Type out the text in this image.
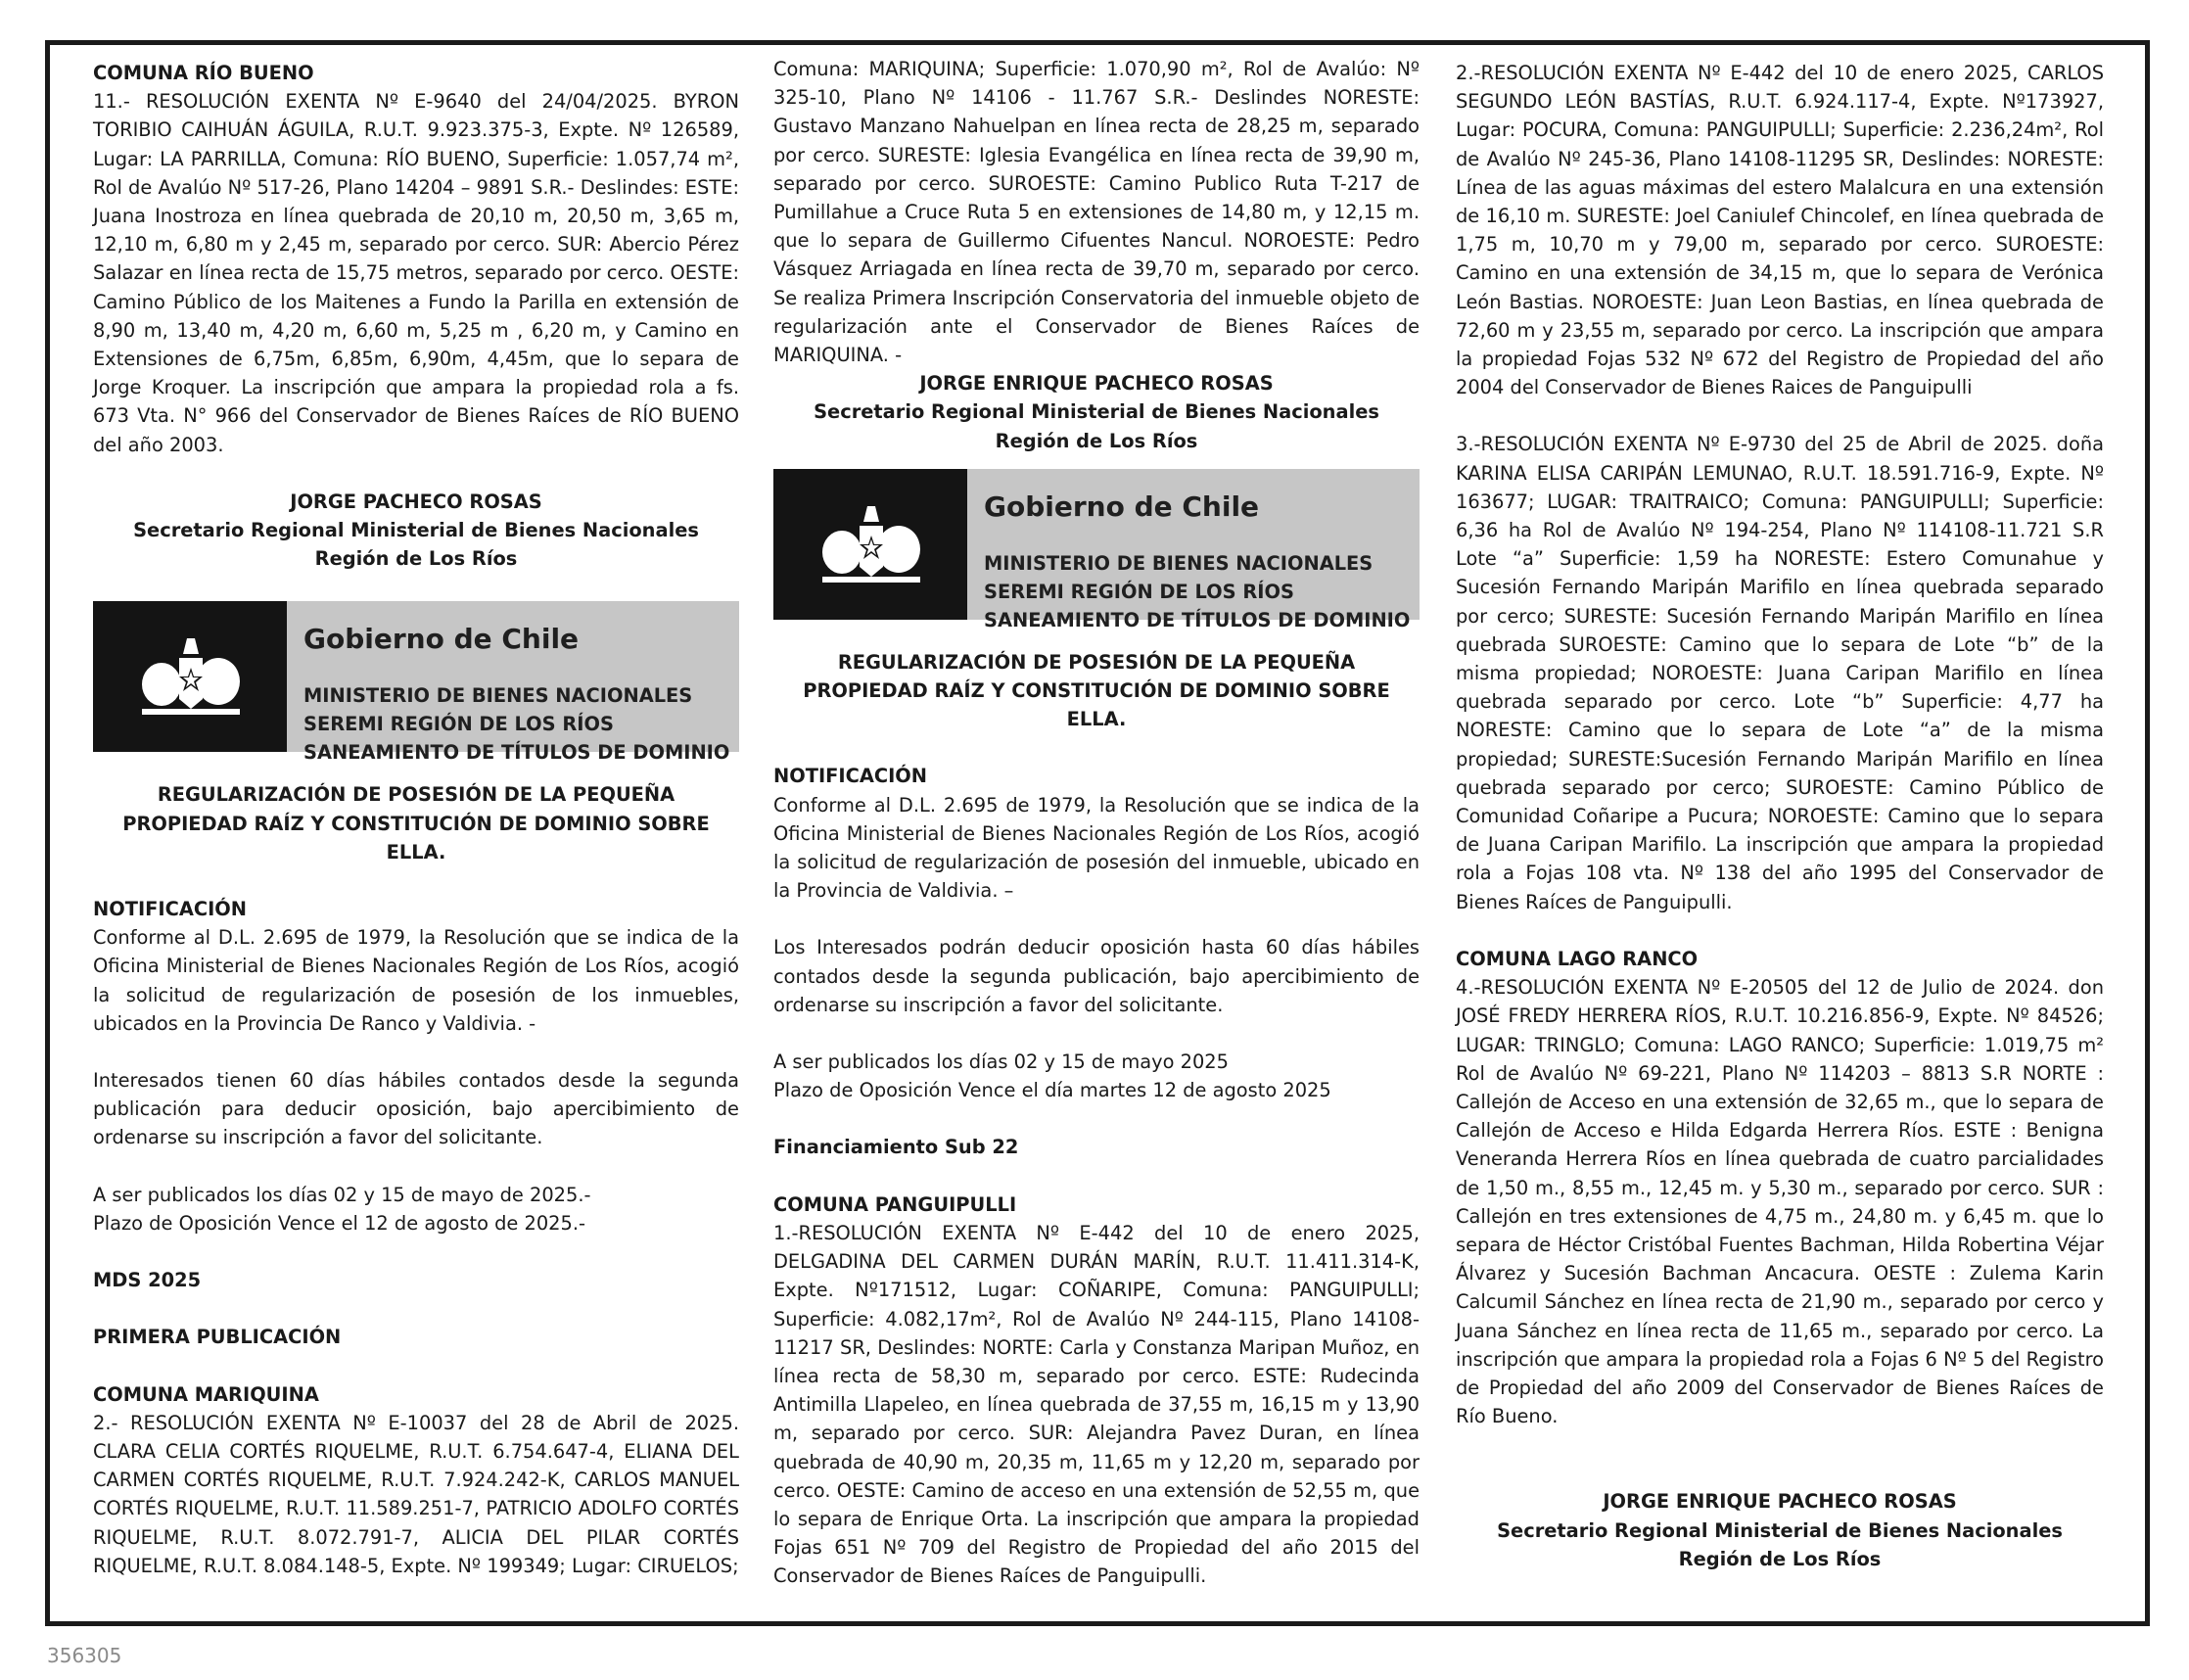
COMUNA RÍO BUENO

11.- RESOLUCIÓN EXENTA Nº E-9640 del 24/04/2025. BYRON TORIBIO CAIHUÁN ÁGUILA, R.U.T. 9.923.375-3, Expte. Nº 126589, Lugar: LA PARRILLA, Comuna: RÍO BUENO, Superficie: 1.057,74 m², Rol de Avalúo Nº 517-26, Plano 14204 – 9891 S.R.- Deslindes: ESTE: Juana Inostroza en línea quebrada de 20,10 m, 20,50 m, 3,65 m, 12,10 m, 6,80 m y 2,45 m, separado por cerco. SUR: Abercio Pérez Salazar en línea recta de 15,75 metros, separado por cerco. OESTE: Camino Público de los Maitenes a Fundo la Parilla en extensión de 8,90 m, 13,40 m, 4,20 m, 6,60 m, 5,25 m , 6,20 m, y Camino en Extensiones de 6,75m, 6,85m, 6,90m, 4,45m, que lo separa de Jorge Kroquer. La inscripción que ampara la propiedad rola a fs. 673 Vta. N° 966 del Conservador de Bienes Raíces de RÍO BUENO del año 2003.

JORGE PACHECO ROSAS
Secretario Regional Ministerial de Bienes Nacionales
Región de Los Ríos
Gobierno de Chile
MINISTERIO DE BIENES NACIONALES
SEREMI REGIÓN DE LOS RÍOS
SANEAMIENTO DE TÍTULOS DE DOMINIO
REGULARIZACIÓN DE POSESIÓN DE LA PEQUEÑA
PROPIEDAD RAÍZ Y CONSTITUCIÓN DE DOMINIO SOBRE ELLA.

NOTIFICACIÓN

Conforme al D.L. 2.695 de 1979, la Resolución que se indica de la Oficina Ministerial de Bienes Nacionales Región de Los Ríos, acogió la solicitud de regularización de posesión de los inmuebles, ubicados en la Provincia De Ranco y Valdivia. -

Interesados tienen 60 días hábiles contados desde la segunda publicación para deducir oposición, bajo apercibimiento de ordenarse su inscripción a favor del solicitante.

A ser publicados los días 02 y 15 de mayo de 2025.-

Plazo de Oposición Vence el 12 de agosto de 2025.-

MDS 2025

PRIMERA PUBLICACIÓN

COMUNA MARIQUINA

2.- RESOLUCIÓN EXENTA Nº E-10037 del 28 de Abril de 2025. CLARA CELIA CORTÉS RIQUELME, R.U.T. 6.754.647-4, ELIANA DEL CARMEN CORTÉS RIQUELME, R.U.T. 7.924.242-K, CARLOS MANUEL CORTÉS RIQUELME, R.U.T. 11.589.251-7, PATRICIO ADOLFO CORTÉS RIQUELME, R.U.T. 8.072.791-7, ALICIA DEL PILAR CORTÉS RIQUELME, R.U.T. 8.084.148-5, Expte. Nº 199349; Lugar: CIRUELOS;

Comuna: MARIQUINA; Superficie: 1.070,90 m², Rol de Avalúo: Nº 325-10, Plano Nº 14106 - 11.767 S.R.- Deslindes NORESTE: Gustavo Manzano Nahuelpan en línea recta de 28,25 m, separado por cerco. SURESTE: Iglesia Evangélica en línea recta de 39,90 m, separado por cerco. SUROESTE: Camino Publico Ruta T-217 de Pumillahue a Cruce Ruta 5 en extensiones de 14,80 m, y 12,15 m. que lo separa de Guillermo Cifuentes Nancul. NOROESTE: Pedro Vásquez Arriagada en línea recta de 39,70 m, separado por cerco. Se realiza Primera Inscripción Conservatoria del inmueble objeto de regularización ante el Conservador de Bienes Raíces de MARIQUINA. -

JORGE ENRIQUE PACHECO ROSAS
Secretario Regional Ministerial de Bienes Nacionales
Región de Los Ríos
Gobierno de Chile
MINISTERIO DE BIENES NACIONALES
SEREMI REGIÓN DE LOS RÍOS
SANEAMIENTO DE TÍTULOS DE DOMINIO
REGULARIZACIÓN DE POSESIÓN DE LA PEQUEÑA
PROPIEDAD RAÍZ Y CONSTITUCIÓN DE DOMINIO SOBRE ELLA.

NOTIFICACIÓN

Conforme al D.L. 2.695 de 1979, la Resolución que se indica de la Oficina Ministerial de Bienes Nacionales Región de Los Ríos, acogió la solicitud de regularización de posesión del inmueble, ubicado en la Provincia de Valdivia. –

Los Interesados podrán deducir oposición hasta 60 días hábiles contados desde la segunda publicación, bajo apercibimiento de ordenarse su inscripción a favor del solicitante.

A ser publicados los días 02 y 15 de mayo 2025

Plazo de Oposición Vence el día martes 12 de agosto 2025

Financiamiento Sub 22

COMUNA PANGUIPULLI

1.-RESOLUCIÓN EXENTA Nº E-442 del 10 de enero 2025, DELGADINA DEL CARMEN DURÁN MARÍN, R.U.T. 11.411.314-K, Expte. Nº171512, Lugar: COÑARIPE, Comuna: PANGUIPULLI; Superficie: 4.082,17m², Rol de Avalúo Nº 244-115, Plano 14108-11217 SR, Deslindes: NORTE: Carla y Constanza Maripan Muñoz, en línea recta de 58,30 m, separado por cerco. ESTE: Rudecinda Antimilla Llapeleo, en línea quebrada de 37,55 m, 16,15 m y 13,90 m, separado por cerco. SUR: Alejandra Pavez Duran, en línea quebrada de 40,90 m, 20,35 m, 11,65 m y 12,20 m, separado por cerco. OESTE: Camino de acceso en una extensión de 52,55 m, que lo separa de Enrique Orta. La inscripción que ampara la propiedad Fojas 651 Nº 709 del Registro de Propiedad del año 2015 del Conservador de Bienes Raíces de Panguipulli.

2.-RESOLUCIÓN EXENTA Nº E-442 del 10 de enero 2025, CARLOS SEGUNDO LEÓN BASTÍAS, R.U.T. 6.924.117-4, Expte. Nº173927, Lugar: POCURA, Comuna: PANGUIPULLI; Superficie: 2.236,24m², Rol de Avalúo Nº 245-36, Plano 14108-11295 SR, Deslindes: NORESTE: Línea de las aguas máximas del estero Malalcura en una extensión de 16,10 m. SURESTE: Joel Caniulef Chincolef, en línea quebrada de 1,75 m, 10,70 m y 79,00 m, separado por cerco. SUROESTE: Camino en una extensión de 34,15 m, que lo separa de Verónica León Bastias. NOROESTE: Juan Leon Bastias, en línea quebrada de 72,60 m y 23,55 m, separado por cerco. La inscripción que ampara la propiedad Fojas 532 Nº 672 del Registro de Propiedad del año 2004 del Conservador de Bienes Raices de Panguipulli

3.-RESOLUCIÓN EXENTA Nº E-9730 del 25 de Abril de 2025. doña KARINA ELISA CARIPÁN LEMUNAO, R.U.T. 18.591.716-9, Expte. Nº 163677; LUGAR: TRAITRAICO; Comuna: PANGUIPULLI; Superficie: 6,36 ha Rol de Avalúo Nº 194-254, Plano Nº 114108-11.721 S.R Lote “a” Superficie: 1,59 ha NORESTE: Estero Comunahue y Sucesión Fernando Maripán Marifilo en línea quebrada separado por cerco; SURESTE: Sucesión Fernando Maripán Marifilo en línea quebrada SUROESTE: Camino que lo separa de Lote “b” de la misma propiedad; NOROESTE: Juana Caripan Marifilo en línea quebrada separado por cerco. Lote “b” Superficie: 4,77 ha NORESTE: Camino que lo separa de Lote “a” de la misma propiedad; SURESTE:Sucesión Fernando Maripán Marifilo en línea quebrada separado por cerco; SUROESTE: Camino Público de Comunidad Coñaripe a Pucura; NOROESTE: Camino que lo separa de Juana Caripan Marifilo. La inscripción que ampara la propiedad rola a Fojas 108 vta. Nº 138 del año 1995 del Conservador de Bienes Raíces de Panguipulli.

COMUNA LAGO RANCO

4.-RESOLUCIÓN EXENTA Nº E-20505 del 12 de Julio de 2024. don JOSÉ FREDY HERRERA RÍOS, R.U.T. 10.216.856-9, Expte. Nº 84526; LUGAR: TRINGLO; Comuna: LAGO RANCO; Superficie: 1.019,75 m² Rol de Avalúo Nº 69-221, Plano Nº 114203 – 8813 S.R NORTE : Callejón de Acceso en una extensión de 32,65 m., que lo separa de Callejón de Acceso e Hilda Edgarda Herrera Ríos. ESTE : Benigna Veneranda Herrera Ríos en línea quebrada de cuatro parcialidades de 1,50 m., 8,55 m., 12,45 m. y 5,30 m., separado por cerco. SUR : Callejón en tres extensiones de 4,75 m., 24,80 m. y 6,45 m. que lo separa de Héctor Cristóbal Fuentes Bachman, Hilda Robertina Véjar Álvarez y Sucesión Bachman Ancacura. OESTE : Zulema Karin Calcumil Sánchez en línea recta de 21,90 m., separado por cerco y Juana Sánchez en línea recta de 11,65 m., separado por cerco. La inscripción que ampara la propiedad rola a Fojas 6 Nº 5 del Registro de Propiedad del año 2009 del Conservador de Bienes Raíces de Río Bueno.

JORGE ENRIQUE PACHECO ROSAS
Secretario Regional Ministerial de Bienes Nacionales
Región de Los Ríos
356305
